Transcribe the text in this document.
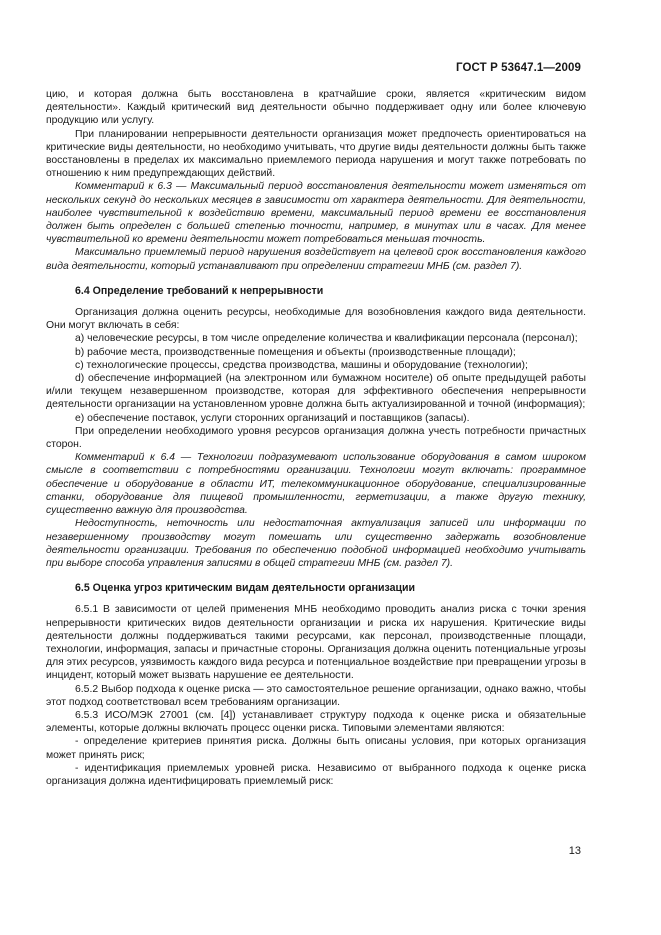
ГОСТ Р 53647.1—2009

цию, и которая должна быть восстановлена в кратчайшие сроки, является «критическим видом деятельности». Каждый критический вид деятельности обычно поддерживает одну или более ключевую продукцию или услугу.

При планировании непрерывности деятельности организация может предпочесть ориентироваться на критические виды деятельности, но необходимо учитывать, что другие виды деятельности должны быть также восстановлены в пределах их максимально приемлемого периода нарушения и могут также потребовать по отношению к ним предупреждающих действий.

Комментарий к 6.3 — Максимальный период восстановления деятельности может изменяться от нескольких секунд до нескольких месяцев в зависимости от характера деятельности. Для деятельности, наиболее чувствительной к воздействию времени, максимальный период времени ее восстановления должен быть определен с большей степенью точности, например, в минутах или в часах. Для менее чувствительной ко времени деятельности может потребоваться меньшая точность.

Максимально приемлемый период нарушения воздействует на целевой срок восстановления каждого вида деятельности, который устанавливают при определении стратегии МНБ (см. раздел 7).

6.4 Определение требований к непрерывности

Организация должна оценить ресурсы, необходимые для возобновления каждого вида деятельности. Они могут включать в себя:

а) человеческие ресурсы, в том числе определение количества и квалификации персонала (персонал);

b) рабочие места, производственные помещения и объекты (производственные площади);

c) технологические процессы, средства производства, машины и оборудование (технологии);

d) обеспечение информацией (на электронном или бумажном носителе) об опыте предыдущей работы и/или текущем незавершенном производстве, которая для эффективного обеспечения непрерывности деятельности организации на установленном уровне должна быть актуализированной и точной (информация);

e) обеспечение поставок, услуги сторонних организаций и поставщиков (запасы).

При определении необходимого уровня ресурсов организация должна учесть потребности причастных сторон.

Комментарий к 6.4 — Технологии подразумевают использование оборудования в самом широком смысле в соответствии с потребностями организации. Технологии могут включать: программное обеспечение и оборудование в области ИТ, телекоммуникационное оборудование, специализированные станки, оборудование для пищевой промышленности, герметизации, а также другую технику, существенно важную для производства.

Недоступность, неточность или недостаточная актуализация записей или информации по незавершенному производству могут помешать или существенно задержать возобновление деятельности организации. Требования по обеспечению подобной информацией необходимо учитывать при выборе способа управления записями в общей стратегии МНБ (см. раздел 7).

6.5 Оценка угроз критическим видам деятельности организации

6.5.1 В зависимости от целей применения МНБ необходимо проводить анализ риска с точки зрения непрерывности критических видов деятельности организации и риска их нарушения. Критические виды деятельности должны поддерживаться такими ресурсами, как персонал, производственные площади, технологии, информация, запасы и причастные стороны. Организация должна оценить потенциальные угрозы для этих ресурсов, уязвимость каждого вида ресурса и потенциальное воздействие при превращении угрозы в инцидент, который может вызвать нарушение ее деятельности.

6.5.2 Выбор подхода к оценке риска — это самостоятельное решение организации, однако важно, чтобы этот подход соответствовал всем требованиям организации.

6.5.3 ИСО/МЭК 27001 (см. [4]) устанавливает структуру подхода к оценке риска и обязательные элементы, которые должны включать процесс оценки риска. Типовыми элементами являются:

- определение критериев принятия риска. Должны быть описаны условия, при которых организация может принять риск;

- идентификация приемлемых уровней риска. Независимо от выбранного подхода к оценке риска организация должна идентифицировать приемлемый риск:

13
